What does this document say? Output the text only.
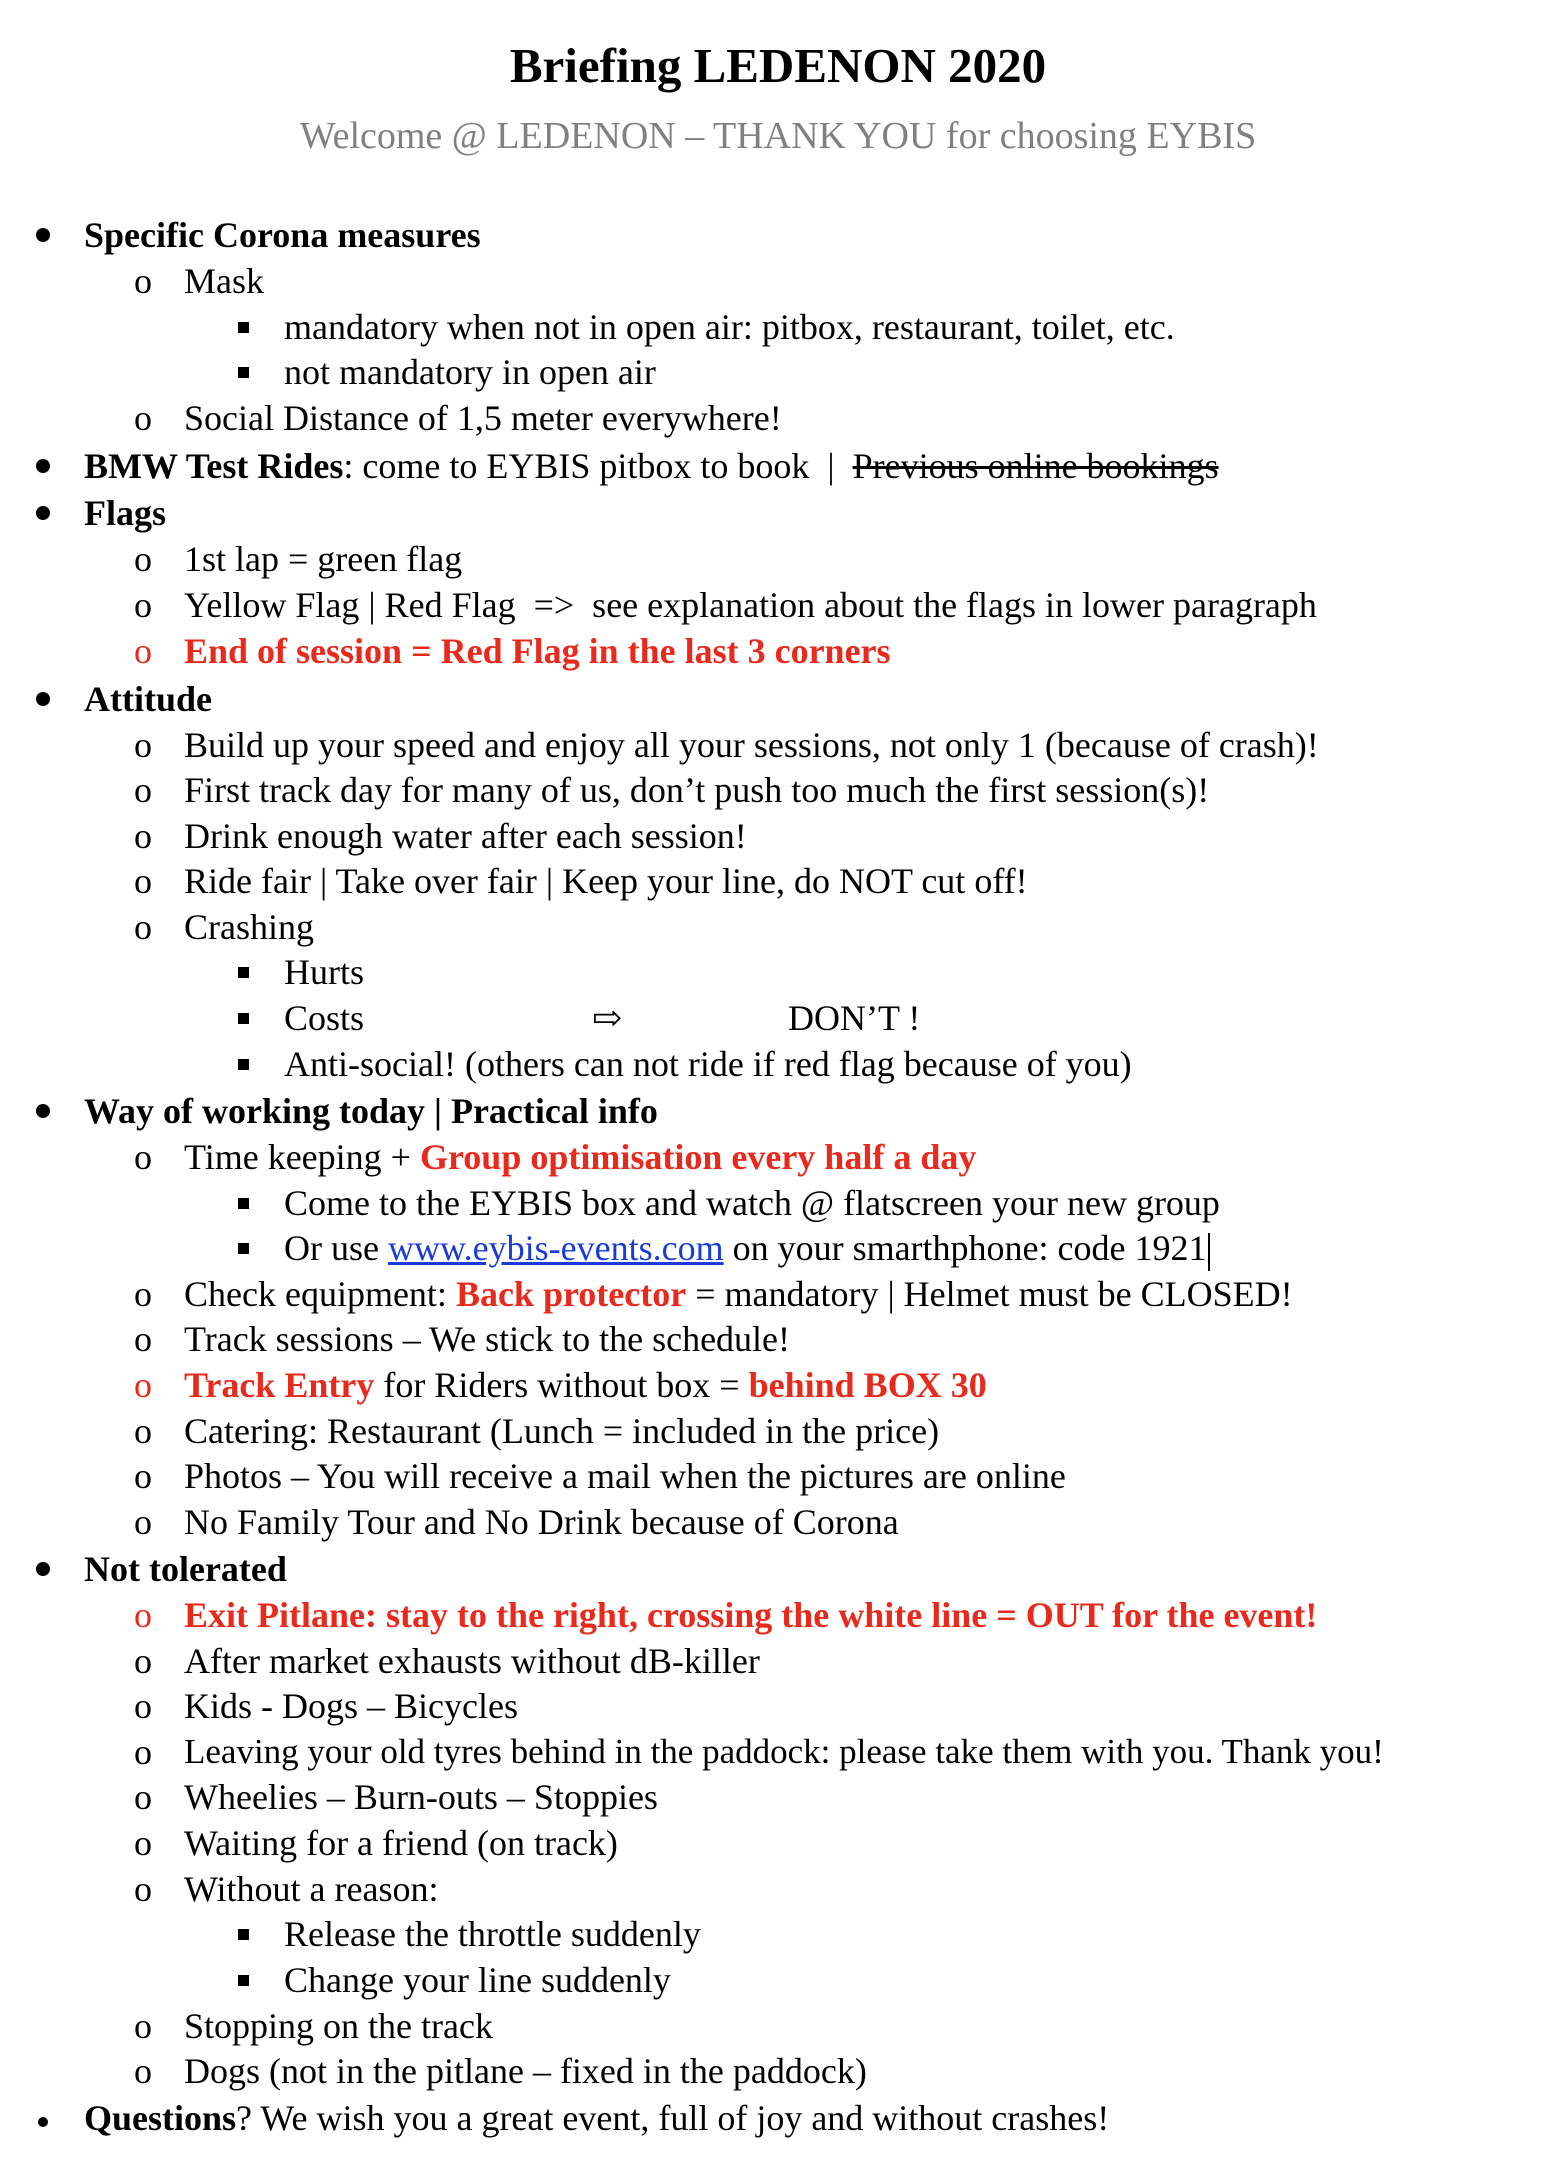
Briefing LEDENON 2020
Welcome @ LEDENON – THANK YOU for choosing EYBIS
Specific Corona measures
o Mask
mandatory when not in open air: pitbox, restaurant, toilet, etc.
not mandatory in open air
o Social Distance of 1,5 meter everywhere!
BMW Test Rides: come to EYBIS pitbox to book  |  Previous online bookings
Flags
o 1st lap = green flag
o Yellow Flag | Red Flag  =>  see explanation about the flags in lower paragraph
o End of session = Red Flag in the last 3 corners
Attitude
o Build up your speed and enjoy all your sessions, not only 1 (because of crash)!
o First track day for many of us, don’t push too much the first session(s)!
o Drink enough water after each session!
o Ride fair | Take over fair | Keep your line, do NOT cut off!
o Crashing
Hurts
Costs	⇨	DON’T !
Anti-social! (others can not ride if red flag because of you)
Way of working today | Practical info
o Time keeping + Group optimisation every half a day
Come to the EYBIS box and watch @ flatscreen your new group
Or use www.eybis-events.com on your smarthphone: code 1921
o Check equipment: Back protector = mandatory | Helmet must be CLOSED!
o Track sessions – We stick to the schedule!
o Track Entry for Riders without box = behind BOX 30
o Catering: Restaurant (Lunch = included in the price)
o Photos – You will receive a mail when the pictures are online
o No Family Tour and No Drink because of Corona
Not tolerated
o Exit Pitlane: stay to the right, crossing the white line = OUT for the event!
o After market exhausts without dB-killer
o Kids - Dogs – Bicycles
o Leaving your old tyres behind in the paddock: please take them with you. Thank you!
o Wheelies – Burn-outs – Stoppies
o Waiting for a friend (on track)
o Without a reason:
Release the throttle suddenly
Change your line suddenly
o Stopping on the track
o Dogs (not in the pitlane – fixed in the paddock)
Questions? We wish you a great event, full of joy and without crashes!
